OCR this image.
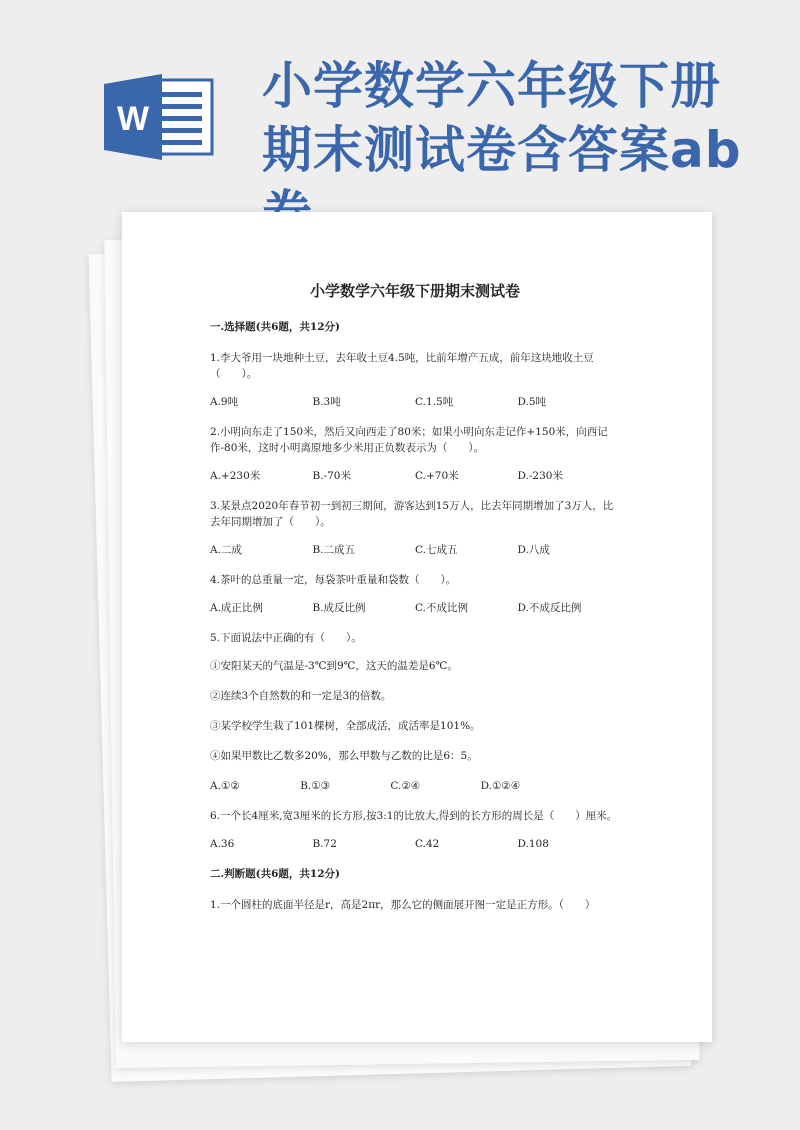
W
小学数学六年级下册期末测试卷含答案ab
小学数学六年级下册期末测试卷
一.选择题(共6题，共12分)
1.李大爷用一块地种土豆，去年收土豆4.5吨，比前年增产五成，前年这块地收土豆（　　）。
A.9吨	B.3吨	C.1.5吨	D.5吨
2.小明向东走了150米，然后又向西走了80米；如果小明向东走记作+150米，向西记作-80米，这时小明离原地多少米用正负数表示为（　　）。
A.+230米	B.-70米	C.+70米	D.-230米
3.某景点2020年春节初一到初三期间，游客达到15万人，比去年同期增加了3万人，比去年同期增加了（　　）。
A.二成	B.二成五	C.七成五	D.八成
4.茶叶的总重量一定，每袋茶叶重量和袋数（　　）。
A.成正比例	B.成反比例	C.不成比例	D.不成反比例
5.下面说法中正确的有（　　）。
①安阳某天的气温是-3℃到9℃，这天的温差是6℃。
②连续3个自然数的和一定是3的倍数。
③某学校学生栽了101棵树，全部成活，成活率是101%。
④如果甲数比乙数多20%，那么甲数与乙数的比是6：5。
A.①②	B.①③	C.②④	D.①②④
6.一个长4厘米,宽3厘米的长方形,按3:1的比放大,得到的长方形的周长是（　　）厘米。
A.36	B.72	C.42	D.108
二.判断题(共6题，共12分)
1.一个圆柱的底面半径是r，高是2πr，那么它的侧面展开图一定是正方形。（　　）
